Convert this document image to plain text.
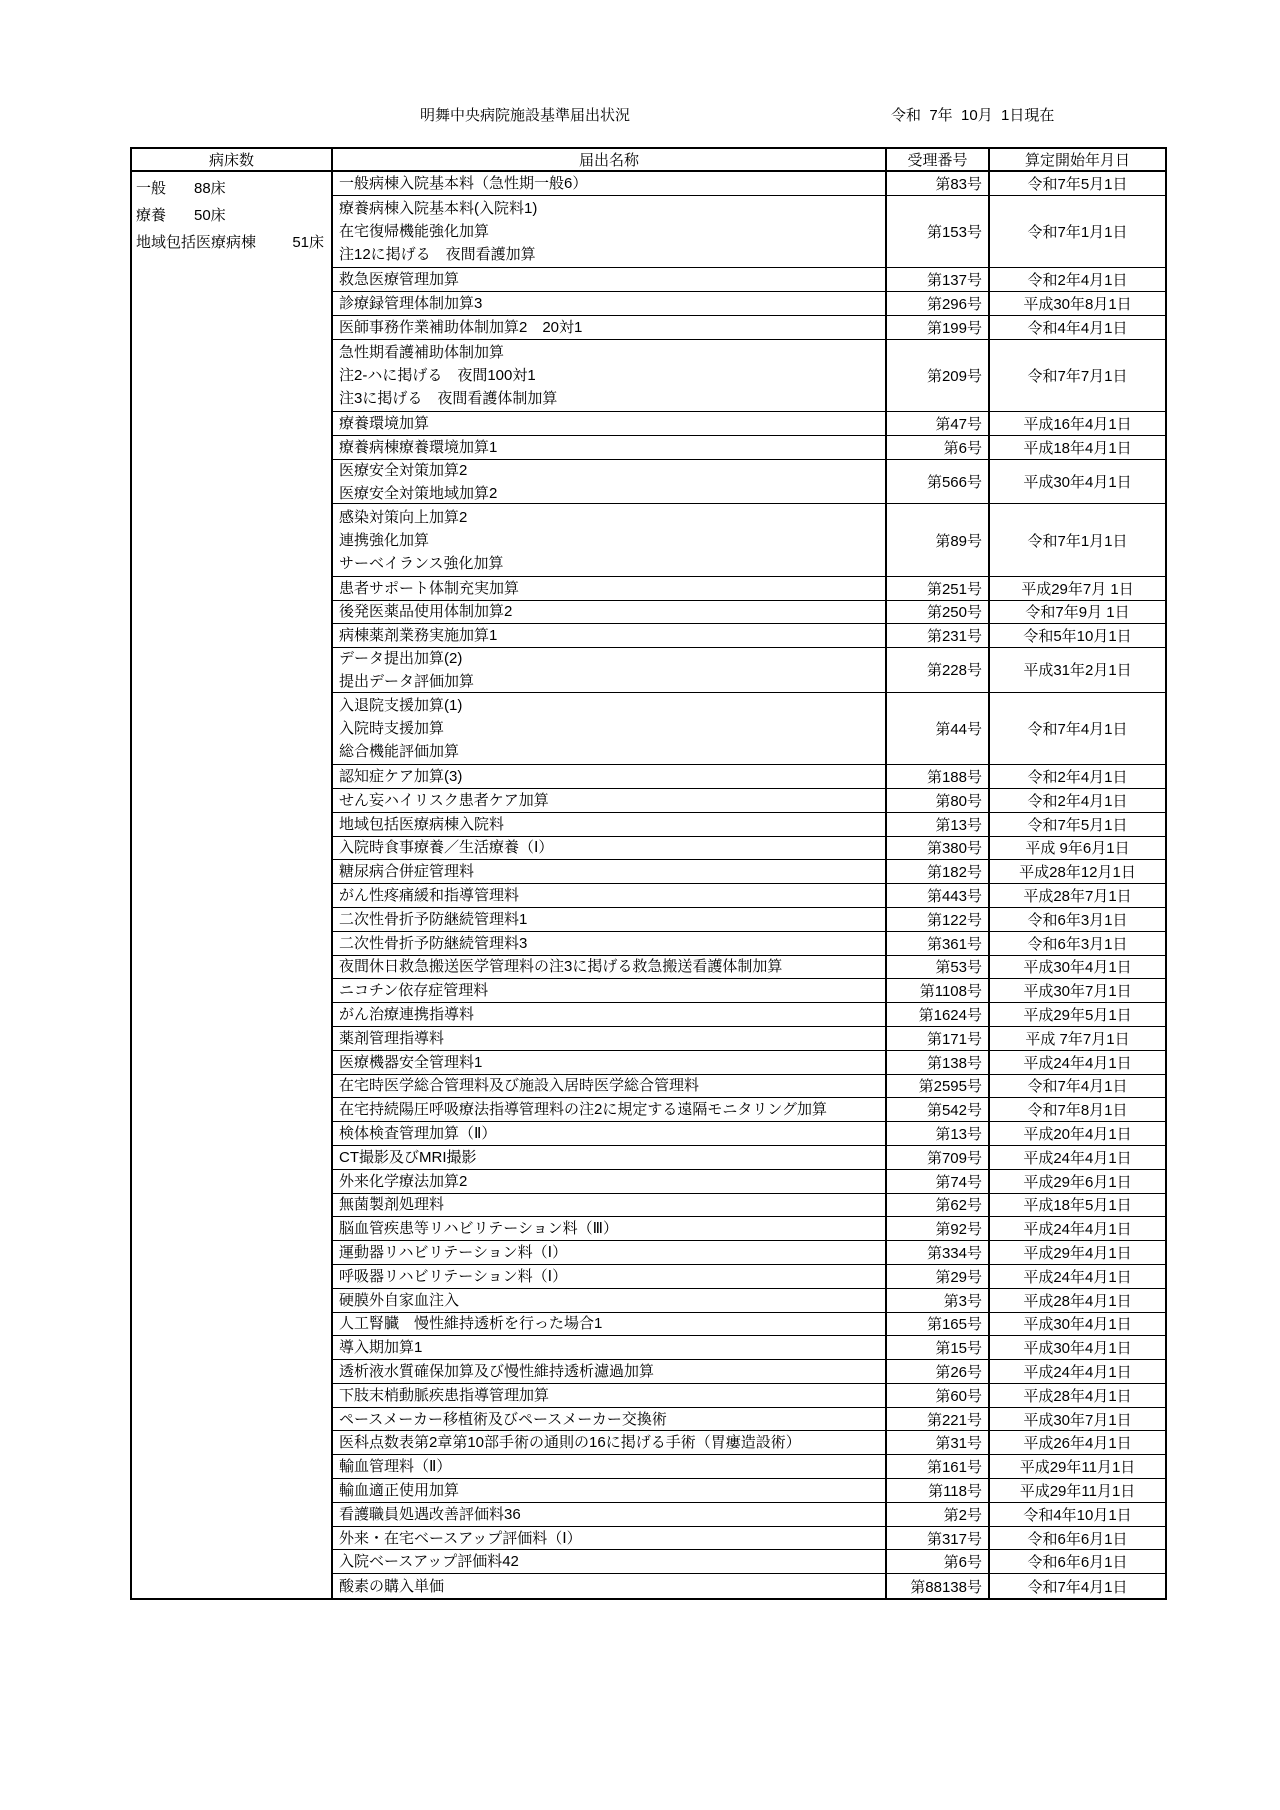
明舞中央病院施設基準届出状況	令和  7年  10月  1日現在
病床数	届出名称	受理番号	算定開始年月日
一般	88床
療養	50床
地域包括医療病棟 51床
一般病棟入院基本料（急性期一般6）	第83号	令和7年5月1日
療養病棟入院基本料(入院料1)
在宅復帰機能強化加算
注12に掲げる　夜間看護加算
第153号	令和7年1月1日
救急医療管理加算	第137号	令和2年4月1日
診療録管理体制加算3	第296号	平成30年8月1日
医師事務作業補助体制加算2　20対1	第199号	令和4年4月1日
急性期看護補助体制加算
注2-ハに掲げる　夜間100対1
注3に掲げる　夜間看護体制加算
第209号	令和7年7月1日
療養環境加算	第47号	平成16年4月1日
療養病棟療養環境加算1	第6号	平成18年4月1日
医療安全対策加算2
医療安全対策地域加算2
第566号	平成30年4月1日
感染対策向上加算2
連携強化加算
サーベイランス強化加算
第89号	令和7年1月1日
患者サポート体制充実加算	第251号	平成29年7月 1日
後発医薬品使用体制加算2	第250号	令和7年9月 1日
病棟薬剤業務実施加算1	第231号	令和5年10月1日
データ提出加算(2)
提出データ評価加算
第228号	平成31年2月1日
入退院支援加算(1)
入院時支援加算
総合機能評価加算
第44号	令和7年4月1日
認知症ケア加算(3)	第188号	令和2年4月1日
せん妄ハイリスク患者ケア加算	第80号	令和2年4月1日
地域包括医療病棟入院料	第13号	令和7年5月1日
入院時食事療養／生活療養（Ⅰ）	第380号	平成 9年6月1日
糖尿病合併症管理料	第182号	平成28年12月1日
がん性疼痛緩和指導管理料	第443号	平成28年7月1日
二次性骨折予防継続管理料1	第122号	令和6年3月1日
二次性骨折予防継続管理料3	第361号	令和6年3月1日
夜間休日救急搬送医学管理料の注3に掲げる救急搬送看護体制加算	第53号	平成30年4月1日
ニコチン依存症管理料	第1108号	平成30年7月1日
がん治療連携指導料	第1624号	平成29年5月1日
薬剤管理指導料	第171号	平成 7年7月1日
医療機器安全管理料1	第138号	平成24年4月1日
在宅時医学総合管理料及び施設入居時医学総合管理料	第2595号	令和7年4月1日
在宅持続陽圧呼吸療法指導管理料の注2に規定する遠隔モニタリング加算	第542号	令和7年8月1日
検体検査管理加算（Ⅱ）	第13号	平成20年4月1日
CT撮影及びMRI撮影	第709号	平成24年4月1日
外来化学療法加算2	第74号	平成29年6月1日
無菌製剤処理料	第62号	平成18年5月1日
脳血管疾患等リハビリテーション料（Ⅲ）	第92号	平成24年4月1日
運動器リハビリテーション料（Ⅰ）	第334号	平成29年4月1日
呼吸器リハビリテーション料（Ⅰ）	第29号	平成24年4月1日
硬膜外自家血注入	第3号	平成28年4月1日
人工腎臓　慢性維持透析を行った場合1	第165号	平成30年4月1日
導入期加算1	第15号	平成30年4月1日
透析液水質確保加算及び慢性維持透析濾過加算	第26号	平成24年4月1日
下肢末梢動脈疾患指導管理加算	第60号	平成28年4月1日
ペースメーカー移植術及びペースメーカー交換術	第221号	平成30年7月1日
医科点数表第2章第10部手術の通則の16に掲げる手術（胃瘻造設術）	第31号	平成26年4月1日
輸血管理料（Ⅱ）	第161号	平成29年11月1日
輸血適正使用加算	第118号	平成29年11月1日
看護職員処遇改善評価料36	第2号	令和4年10月1日
外来・在宅ベースアップ評価料（Ⅰ）	第317号	令和6年6月1日
入院ベースアップ評価料42	第6号	令和6年6月1日
酸素の購入単価	第88138号	令和7年4月1日
